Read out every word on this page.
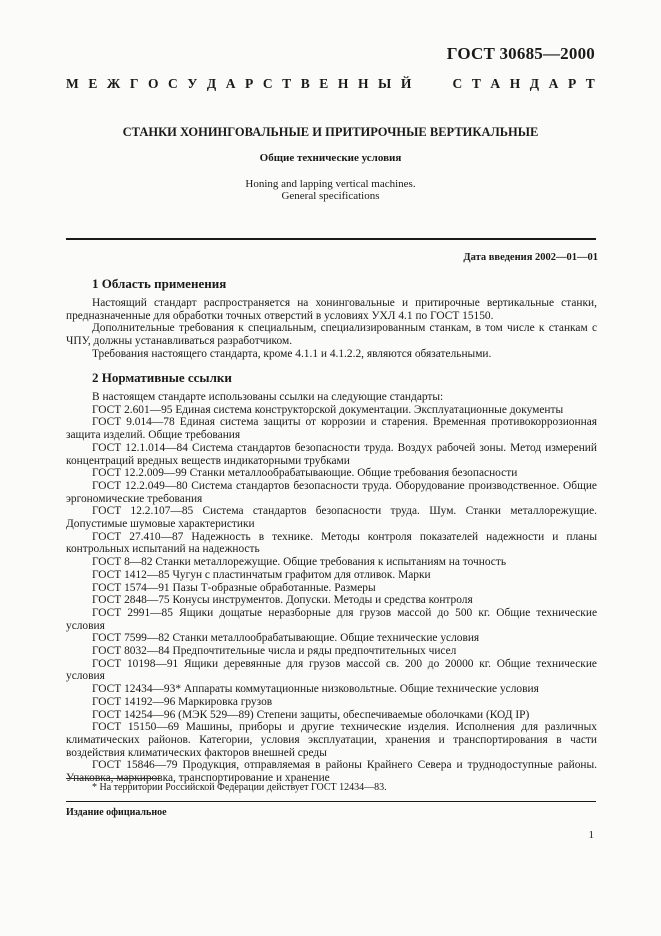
ГОСТ 30685—2000
М Е Ж Г О С У Д А Р С Т В Е Н Н Ы Й	С Т А Н Д А Р Т
СТАНКИ ХОНИНГОВАЛЬНЫЕ И ПРИТИРОЧНЫЕ ВЕРТИКАЛЬНЫЕ
Общие технические условия
Honing and lapping vertical machines.
General specifications
Дата введения 2002—01—01
1 Область применения

Настоящий стандарт распространяется на хонинговальные и притирочные вертикальные станки, предназначенные для обработки точных отверстий в условиях УХЛ 4.1 по ГОСТ 15150.

Дополнительные требования к специальным, специализированным станкам, в том числе к станкам с ЧПУ, должны устанавливаться разработчиком.

Требования настоящего стандарта, кроме 4.1.1 и 4.1.2.2, являются обязательными.

2 Нормативные ссылки

В настоящем стандарте использованы ссылки на следующие стандарты:

ГОСТ 2.601—95 Единая система конструкторской документации. Эксплуатационные документы

ГОСТ 9.014—78 Единая система защиты от коррозии и старения. Временная противокоррозионная защита изделий. Общие требования

ГОСТ 12.1.014—84 Система стандартов безопасности труда. Воздух рабочей зоны. Метод измерений концентраций вредных веществ индикаторными трубками

ГОСТ 12.2.009—99 Станки металлообрабатывающие. Общие требования безопасности

ГОСТ 12.2.049—80 Система стандартов безопасности труда. Оборудование производственное. Общие эргономические требования

ГОСТ 12.2.107—85 Система стандартов безопасности труда. Шум. Станки металлорежущие. Допустимые шумовые характеристики

ГОСТ 27.410—87 Надежность в технике. Методы контроля показателей надежности и планы контрольных испытаний на надежность

ГОСТ 8—82 Станки металлорежущие. Общие требования к испытаниям на точность

ГОСТ 1412—85 Чугун с пластинчатым графитом для отливок. Марки

ГОСТ 1574—91 Пазы Т-образные обработанные. Размеры

ГОСТ 2848—75 Конусы инструментов. Допуски. Методы и средства контроля

ГОСТ 2991—85 Ящики дощатые неразборные для грузов массой до 500 кг. Общие технические условия

ГОСТ 7599—82 Станки металлообрабатывающие. Общие технические условия

ГОСТ 8032—84 Предпочтительные числа и ряды предпочтительных чисел

ГОСТ 10198—91 Ящики деревянные для грузов массой св. 200 до 20000 кг. Общие технические условия

ГОСТ 12434—93* Аппараты коммутационные низковольтные. Общие технические условия

ГОСТ 14192—96 Маркировка грузов

ГОСТ 14254—96 (МЭК 529—89) Степени защиты, обеспечиваемые оболочками (КОД IP)

ГОСТ 15150—69 Машины, приборы и другие технические изделия. Исполнения для различных климатических районов. Категории, условия эксплуатации, хранения и транспортирования в части воздействия климатических факторов внешней среды

ГОСТ 15846—79 Продукция, отправляемая в районы Крайнего Севера и труднодоступные районы. Упаковка, маркировка, транспортирование и хранение

* На территории Российской Федерации действует ГОСТ 12434—83.
Издание официальное
1
